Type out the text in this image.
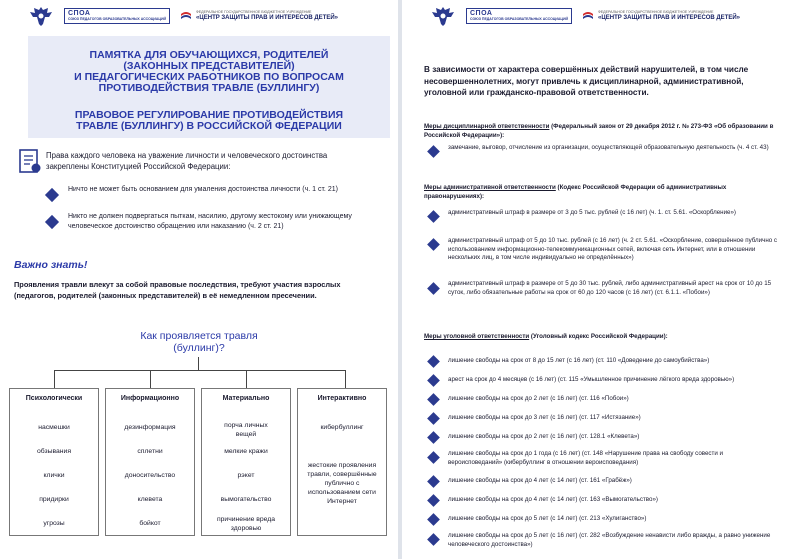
СПОА
СОЮЗ ПЕДАГОГОВ ОБРАЗОВАТЕЛЬНЫХ АССОЦИАЦИЙ
ФЕДЕРАЛЬНОЕ ГОСУДАРСТВЕННОЕ БЮДЖЕТНОЕ УЧРЕЖДЕНИЕ
«ЦЕНТР ЗАЩИТЫ ПРАВ И ИНТЕРЕСОВ ДЕТЕЙ»
ПАМЯТКА ДЛЯ ОБУЧАЮЩИХСЯ, РОДИТЕЛЕЙ
(ЗАКОННЫХ ПРЕДСТАВИТЕЛЕЙ)
И ПЕДАГОГИЧЕСКИХ РАБОТНИКОВ ПО ВОПРОСАМ
ПРОТИВОДЕЙСТВИЯ ТРАВЛЕ (БУЛЛИНГУ)
ПРАВОВОЕ РЕГУЛИРОВАНИЕ ПРОТИВОДЕЙСТВИЯ
ТРАВЛЕ (БУЛЛИНГУ) В РОССИЙСКОЙ ФЕДЕРАЦИИ
Права каждого человека на уважение личности и человеческого достоинства закреплены Конституцией Российской Федерации:
Ничто не может быть основанием для умаления достоинства личности (ч. 1 ст. 21)
Никто не должен подвергаться пыткам, насилию, другому жестокому или унижающему человеческое достоинство обращению или наказанию (ч. 2 ст. 21)
Важно знать!
Проявления травли влекут за собой правовые последствия, требуют участия взрослых (педагогов, родителей (законных представителей) в её немедленном пресечении.
Как проявляется травля
(буллинг)?
Психологически
насмешки
обзывания
клички
придирки
угрозы
Информационно
дезинформация
сплетни
доносительство
клевета
бойкот
Материально
порча личных вещей
мелкие кражи
рэкет
вымогательство
причинение вреда здоровью
Интерактивно
кибербуллинг
жестокие проявления травли, совершённые публично с использованием сети Интернет
СПОА
СОЮЗ ПЕДАГОГОВ ОБРАЗОВАТЕЛЬНЫХ АССОЦИАЦИЙ
ФЕДЕРАЛЬНОЕ ГОСУДАРСТВЕННОЕ БЮДЖЕТНОЕ УЧРЕЖДЕНИЕ
«ЦЕНТР ЗАЩИТЫ ПРАВ И ИНТЕРЕСОВ ДЕТЕЙ»
В зависимости от характера совершённых действий нарушителей, в том числе несовершеннолетних, могут привлечь к дисциплинарной, административной, уголовной или гражданско-правовой ответственности.
Меры дисциплинарной ответственности (Федеральный закон от 29 декабря 2012 г. № 273-ФЗ «Об образовании в Российской Федерации»):
замечание, выговор, отчисление из организации, осуществляющей образовательную деятельность (ч. 4 ст. 43)
Меры административной ответственности (Кодекс Российской Федерации об административных правонарушениях):
административный штраф в размере от 3 до 5 тыс. рублей (с 16 лет) (ч. 1. ст. 5.61. «Оскорбление»)
административный штраф от 5 до 10 тыс. рублей (с 16 лет) (ч. 2 ст. 5.61. «Оскорбление, совершённое публично с использованием информационно-телекоммуникационных сетей, включая сеть Интернет, или в отношении нескольких лиц, в том числе индивидуально не определённых»)
административный штраф в размере от 5 до 30 тыс. рублей, либо административный арест на срок от 10 до 15 суток, либо обязательные работы на срок от 60 до 120 часов (с 16 лет) (ст. 6.1.1. «Побои»)
Меры уголовной ответственности (Уголовный кодекс Российской Федерации):
лишение свободы на срок от 8 до 15 лет (с 16 лет) (ст. 110 «Доведение до самоубийства»)
арест на срок до 4 месяцев (с 16 лет) (ст. 115 «Умышленное причинение лёгкого вреда здоровью»)
лишение свободы на срок до 2 лет (с 16 лет) (ст. 116 «Побои»)
лишение свободы на срок до 3 лет (с 16 лет) (ст. 117 «Истязание»)
лишение свободы на срок до 2 лет (с 16 лет) (ст. 128.1 «Клевета»)
лишение свободы на срок до 1 года (с 16 лет) (ст. 148 «Нарушение права на свободу совести и вероисповеданий» (кибербуллинг в отношении вероисповедания)
лишение свободы на срок до 4 лет (с 14 лет) (ст. 161 «Грабёж»)
лишение свободы на срок до 4 лет (с 14 лет) (ст. 163 «Вымогательство»)
лишение свободы на срок до 5 лет (с 14 лет) (ст. 213 «Хулиганство»)
лишение свободы на срок до 5 лет (с 16 лет) (ст. 282 «Возбуждение ненависти либо вражды, а равно унижение человеческого достоинства»)
